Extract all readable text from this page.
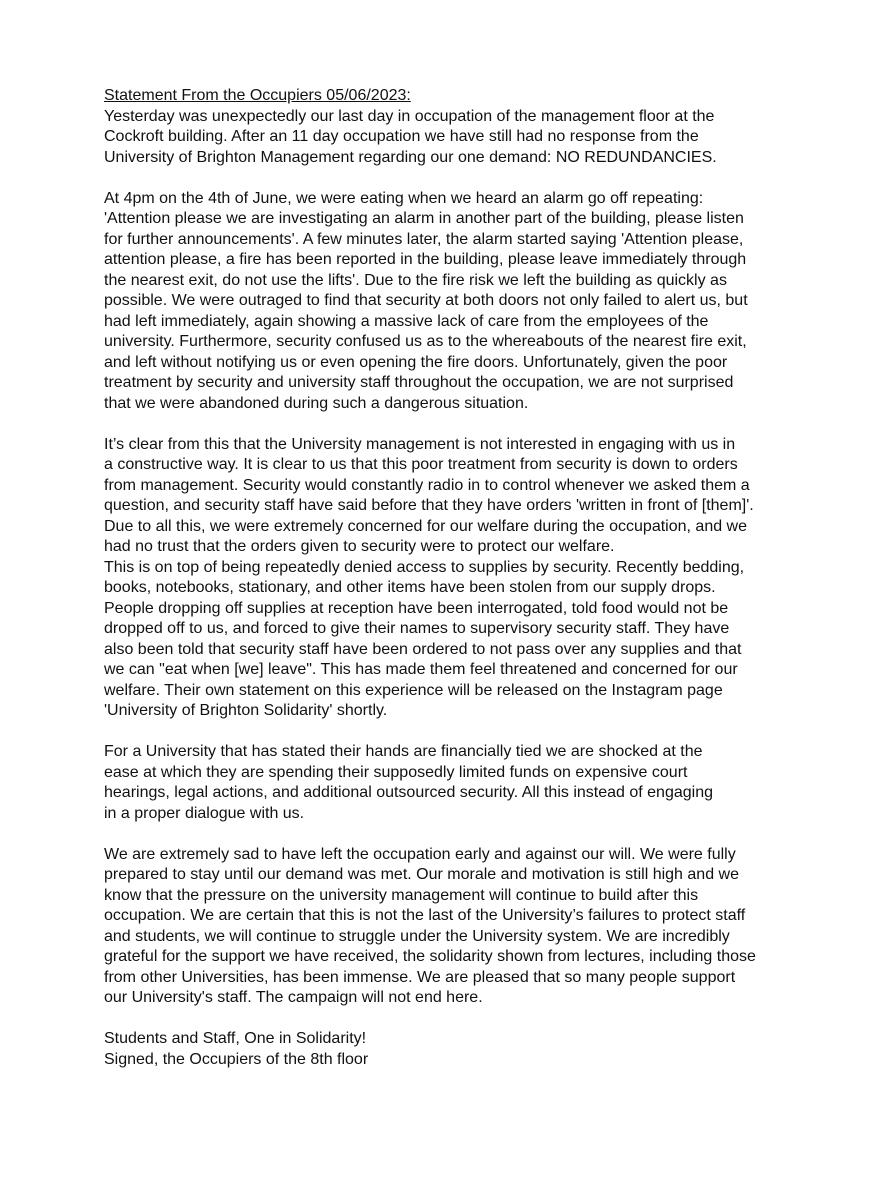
Statement From the Occupiers 05/06/2023:
Yesterday was unexpectedly our last day in occupation of the management floor at the
Cockroft building. After an 11 day occupation we have still had no response from the
University of Brighton Management regarding our one demand: NO REDUNDANCIES.
At 4pm on the 4th of June, we were eating when we heard an alarm go off repeating:
'Attention please we are investigating an alarm in another part of the building, please listen
for further announcements'. A few minutes later, the alarm started saying 'Attention please,
attention please, a fire has been reported in the building, please leave immediately through
the nearest exit, do not use the lifts'. Due to the fire risk we left the building as quickly as
possible. We were outraged to find that security at both doors not only failed to alert us, but
had left immediately, again showing a massive lack of care from the employees of the
university. Furthermore, security confused us as to the whereabouts of the nearest fire exit,
and left without notifying us or even opening the fire doors. Unfortunately, given the poor
treatment by security and university staff throughout the occupation, we are not surprised
that we were abandoned during such a dangerous situation.
It’s clear from this that the University management is not interested in engaging with us in
a constructive way. It is clear to us that this poor treatment from security is down to orders
from management. Security would constantly radio in to control whenever we asked them a
question, and security staff have said before that they have orders 'written in front of [them]'.
Due to all this, we were extremely concerned for our welfare during the occupation, and we
had no trust that the orders given to security were to protect our welfare.
This is on top of being repeatedly denied access to supplies by security. Recently bedding,
books, notebooks, stationary, and other items have been stolen from our supply drops.
People dropping off supplies at reception have been interrogated, told food would not be
dropped off to us, and forced to give their names to supervisory security staff. They have
also been told that security staff have been ordered to not pass over any supplies and that
we can "eat when [we] leave". This has made them feel threatened and concerned for our
welfare. Their own statement on this experience will be released on the Instagram page
'University of Brighton Solidarity' shortly.
For a University that has stated their hands are financially tied we are shocked at the
ease at which they are spending their supposedly limited funds on expensive court
hearings, legal actions, and additional outsourced security. All this instead of engaging
in a proper dialogue with us.
We are extremely sad to have left the occupation early and against our will. We were fully
prepared to stay until our demand was met. Our morale and motivation is still high and we
know that the pressure on the university management will continue to build after this
occupation. We are certain that this is not the last of the University’s failures to protect staff
and students, we will continue to struggle under the University system. We are incredibly
grateful for the support we have received, the solidarity shown from lectures, including those
from other Universities, has been immense. We are pleased that so many people support
our University's staff. The campaign will not end here.
Students and Staff, One in Solidarity!
Signed, the Occupiers of the 8th floor
